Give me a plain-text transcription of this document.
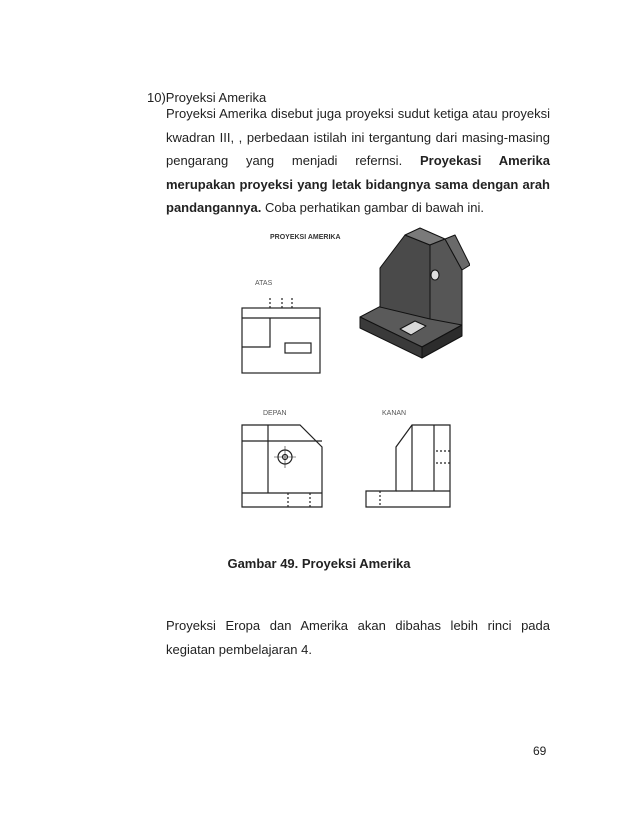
10)Proyeksi Amerika
Proyeksi Amerika disebut juga proyeksi sudut ketiga atau proyeksi kwadran III, , perbedaan istilah ini tergantung dari masing-masing pengarang yang menjadi refernsi. Proyekasi Amerika merupakan proyeksi yang letak bidangnya sama dengan arah pandangannya. Coba perhatikan gambar di bawah ini.
PROYEKSI AMERIKA
ATAS
DEPAN	KANAN
Gambar 49. Proyeksi Amerika
Proyeksi Eropa dan Amerika akan dibahas lebih rinci pada kegiatan pembelajaran 4.
69
